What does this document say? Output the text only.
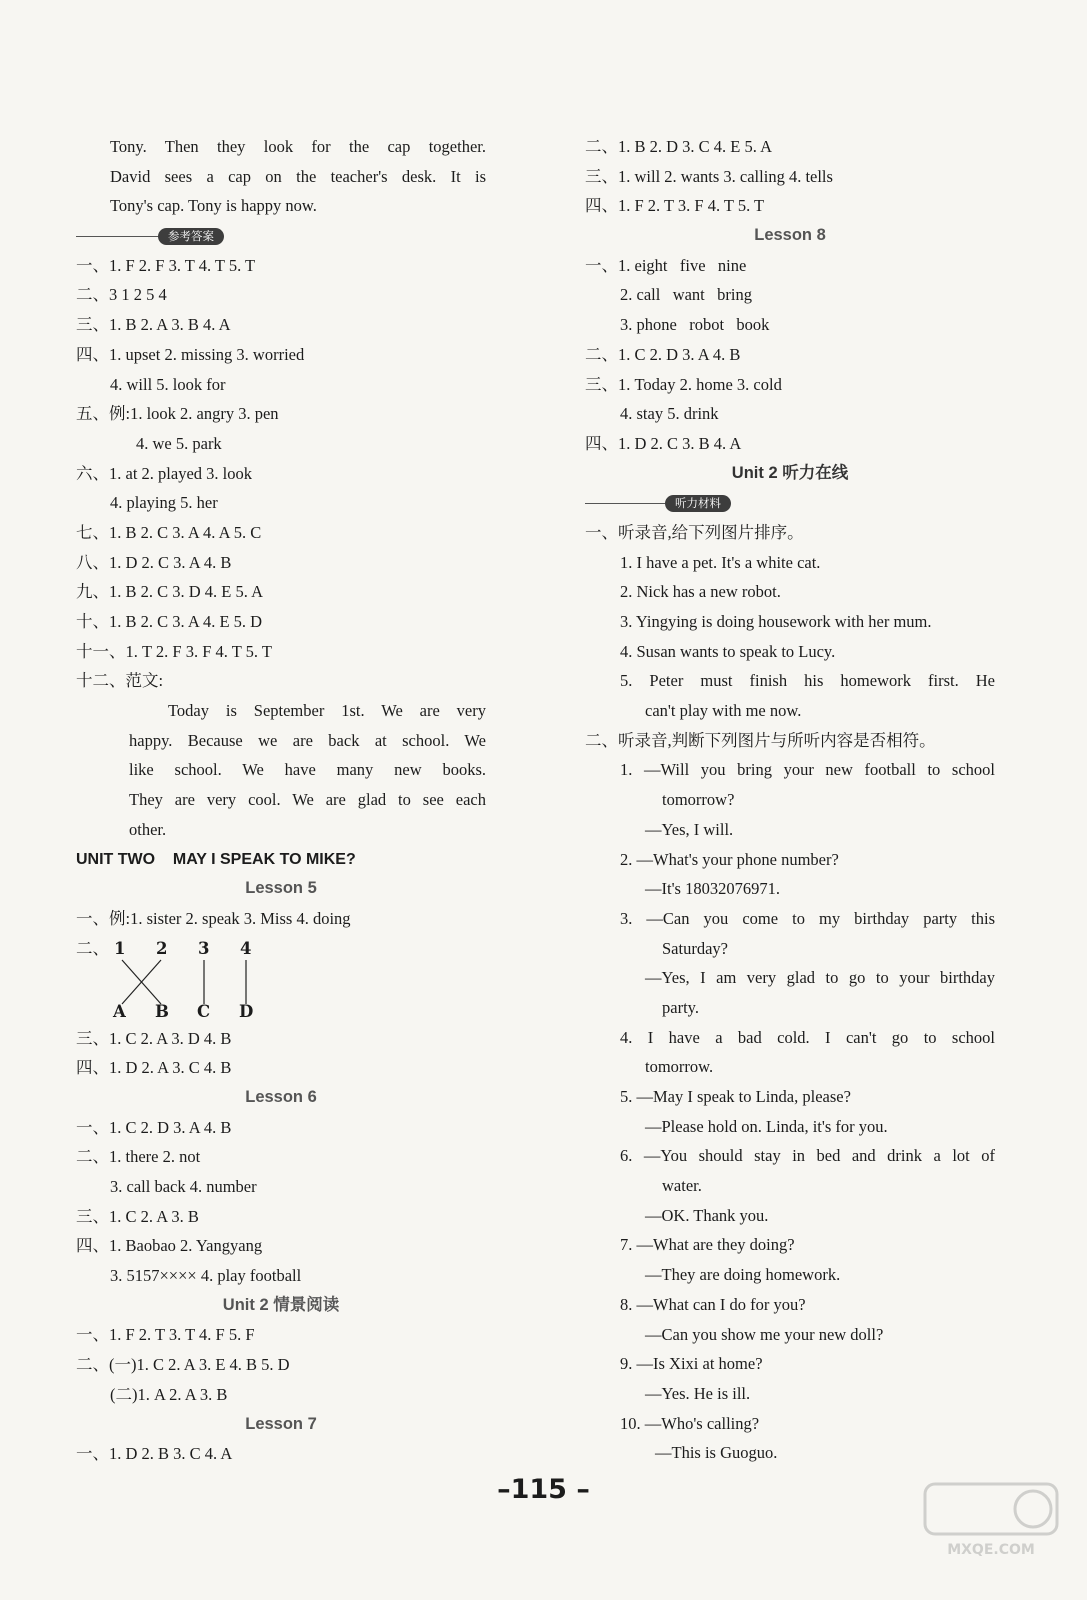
Tony. Then they look for the cap together.
David sees a cap on the teacher's desk. It is
Tony's cap. Tony is happy now.
参考答案
一、1. F 2. F 3. T 4. T 5. T
二、3 1 2 5 4
三、1. B 2. A 3. B 4. A
四、1. upset 2. missing 3. worried
4. will 5. look for
五、例:1. look 2. angry 3. pen
4. we 5. park
六、1. at 2. played 3. look
4. playing 5. her
七、1. B 2. C 3. A 4. A 5. C
八、1. D 2. C 3. A 4. B
九、1. B 2. C 3. D 4. E 5. A
十、1. B 2. C 3. A 4. E 5. D
十一、1. T 2. F 3. F 4. T 5. T
十二、范文:
Today is September 1st. We are very
happy. Because we are back at school. We
like school. We have many new books.
They are very cool. We are glad to see each
other.
UNIT TWO    MAY I SPEAK TO MIKE?
Lesson 5
一、例:1. sister 2. speak 3. Miss 4. doing
二、 1 2 3 4
A B C D
三、1. C 2. A 3. D 4. B
四、1. D 2. A 3. C 4. B
Lesson 6
一、1. C 2. D 3. A 4. B
二、1. there 2. not
3. call back 4. number
三、1. C 2. A 3. B
四、1. Baobao 2. Yangyang
3. 5157×××× 4. play football
Unit 2 情景阅读
一、1. F 2. T 3. T 4. F 5. F
二、(一)1. C 2. A 3. E 4. B 5. D
(二)1. A 2. A 3. B
Lesson 7
一、1. D 2. B 3. C 4. A
二、1. B 2. D 3. C 4. E 5. A
三、1. will 2. wants 3. calling 4. tells
四、1. F 2. T 3. F 4. T 5. T
Lesson 8
一、1. eight   five   nine
2. call   want   bring
3. phone   robot   book
二、1. C 2. D 3. A 4. B
三、1. Today 2. home 3. cold
4. stay 5. drink
四、1. D 2. C 3. B 4. A
Unit 2 听力在线
听力材料
一、听录音,给下列图片排序。
1. I have a pet. It's a white cat.
2. Nick has a new robot.
3. Yingying is doing housework with her mum.
4. Susan wants to speak to Lucy.
5. Peter must finish his homework first. He
can't play with me now.
二、听录音,判断下列图片与所听内容是否相符。
1. —Will you bring your new football to school
tomorrow?
—Yes, I will.
2. —What's your phone number?
—It's 18032076971.
3. —Can you come to my birthday party this
Saturday?
—Yes, I am very glad to go to your birthday
party.
4. I have a bad cold. I can't go to school
tomorrow.
5. —May I speak to Linda, please?
—Please hold on. Linda, it's for you.
6. —You should stay in bed and drink a lot of
water.
—OK. Thank you.
7. —What are they doing?
—They are doing homework.
8. —What can I do for you?
—Can you show me your new doll?
9. —Is Xixi at home?
—Yes. He is ill.
10. —Who's calling?
—This is Guoguo.
–115 –
MXQE.COM
